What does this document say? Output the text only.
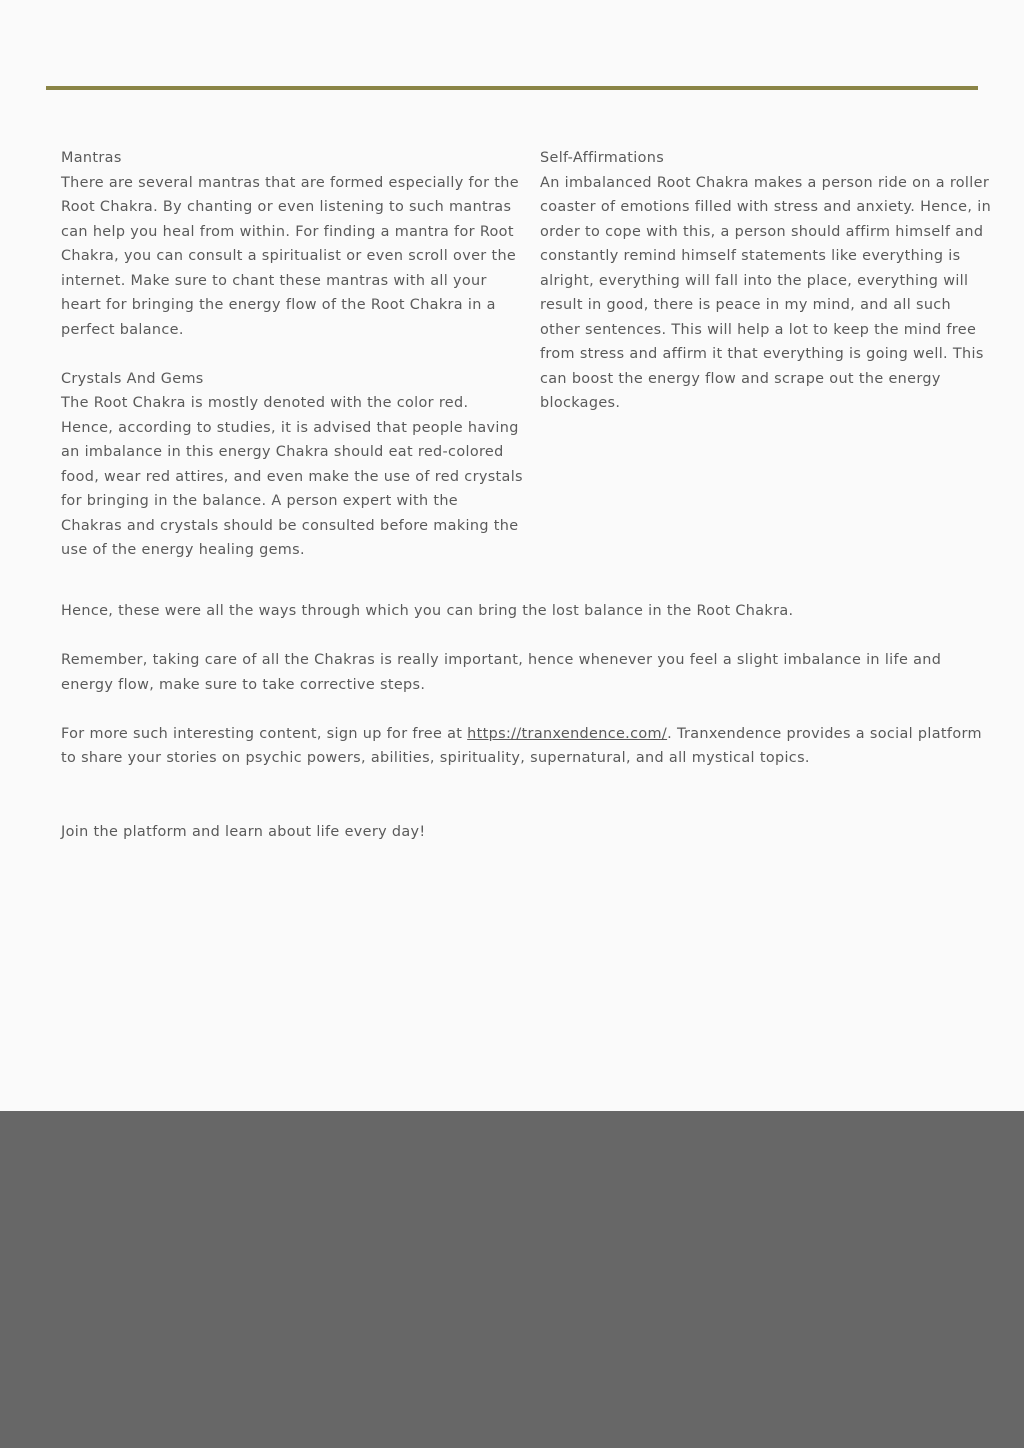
Mantras

There are several mantras that are formed especially for the Root Chakra. By chanting or even listening to such mantras can help you heal from within. For finding a mantra for Root Chakra, you can consult a spiritualist or even scroll over the internet. Make sure to chant these mantras with all your heart for bringing the energy flow of the Root Chakra in a perfect balance.

Crystals And Gems

The Root Chakra is mostly denoted with the color red. Hence, according to studies, it is advised that people having an imbalance in this energy Chakra should eat red-colored food, wear red attires, and even make the use of red crystals for bringing in the balance. A person expert with the Chakras and crystals should be consulted before making the use of the energy healing gems.

Self-Affirmations

An imbalanced Root Chakra makes a person ride on a roller coaster of emotions filled with stress and anxiety. Hence, in order to cope with this, a person should affirm himself and constantly remind himself statements like everything is alright, everything will fall into the place, everything will result in good, there is peace in my mind, and all such other sentences. This will help a lot to keep the mind free from stress and affirm it that everything is going well. This can boost the energy flow and scrape out the energy blockages.

Hence, these were all the ways through which you can bring the lost balance in the Root Chakra.

Remember, taking care of all the Chakras is really important, hence whenever you feel a slight imbalance in life and energy flow, make sure to take corrective steps.

For more such interesting content, sign up for free at https://tranxendence.com/. Tranxendence provides a social platform to share your stories on psychic powers, abilities, spirituality, supernatural, and all mystical topics.

Join the platform and learn about life every day!
